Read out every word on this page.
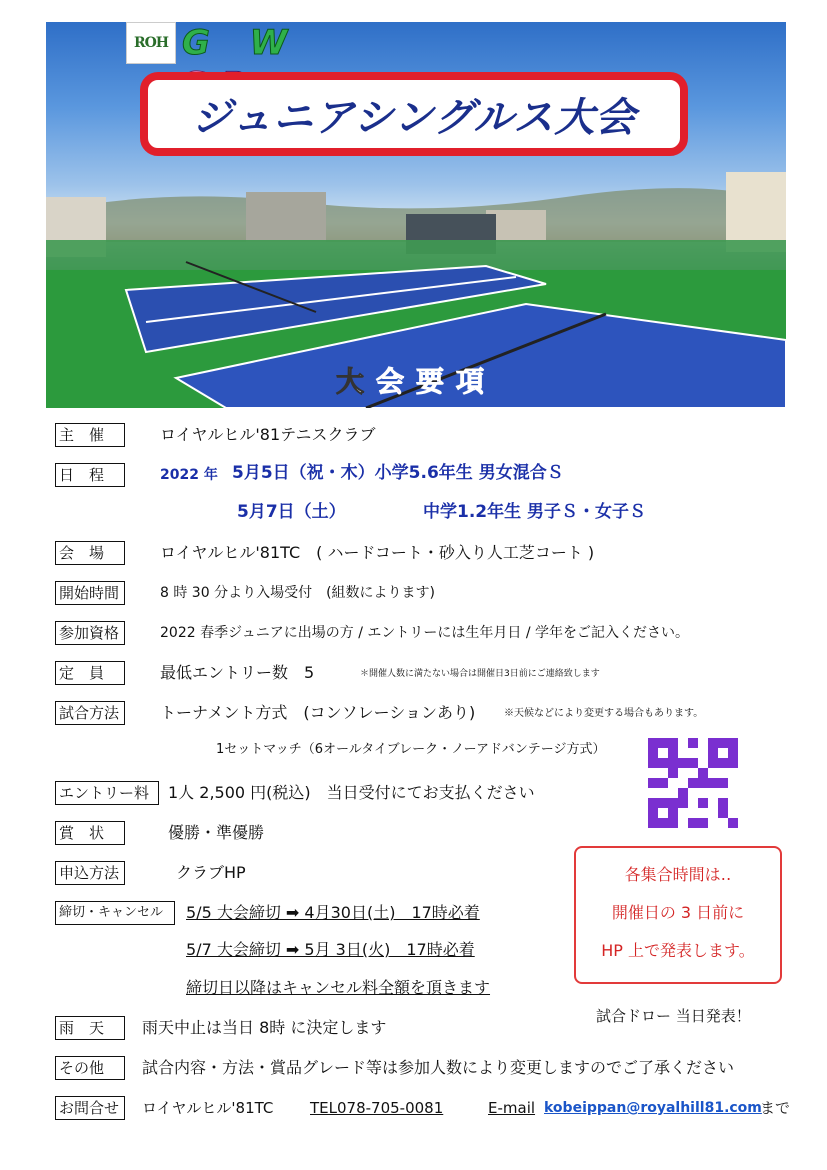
ROH G W
ジュニアシングルス大会
大会要項
主　催	ロイヤルヒル'81テニスクラブ
日　程	2022 年 5月5日（祝・木）小学5.6年生 男女混合Ｓ
5月7日（土）	中学1.2年生 男子Ｓ・女子Ｓ
会　場	ロイヤルヒル'81TC　( ハードコート・砂入り人工芝コート )
開始時間	8 時 30 分より入場受付　(組数によります)
参加資格	2022 春季ジュニアに出場の方 / エントリーには生年月日 / 学年をご記入ください。
定　員	最低エントリー数　5	＊開催人数に満たない場合は開催日3日前にご連絡致します
試合方法	トーナメント方式　(コンソレーションあり)	※天候などにより変更する場合もあります。
1セットマッチ（6オールタイブレーク・ノーアドバンテージ方式）
エントリー料 1人 2,500 円(税込)　当日受付にてお支払ください
賞　状	優勝・準優勝
申込方法	クラブHP
締切・キャンセル 5/5 大会締切 ➡ 4月30日(土)　17時必着
5/7 大会締切 ➡ 5月 3日(火)　17時必着
締切日以降はキャンセル料全額を頂きます
雨　天 雨天中止は当日 8時 に決定します
その他 試合内容・方法・賞品グレード等は参加人数により変更しますのでご了承ください
お問合せ ロイヤルヒル'81TC TEL078-705-0081	E-mail kobeippan@royalhill81.com
まで
各集合時間は‥
開催日の 3 日前に
HP 上で発表します。
試合ドロー 当日発表！
